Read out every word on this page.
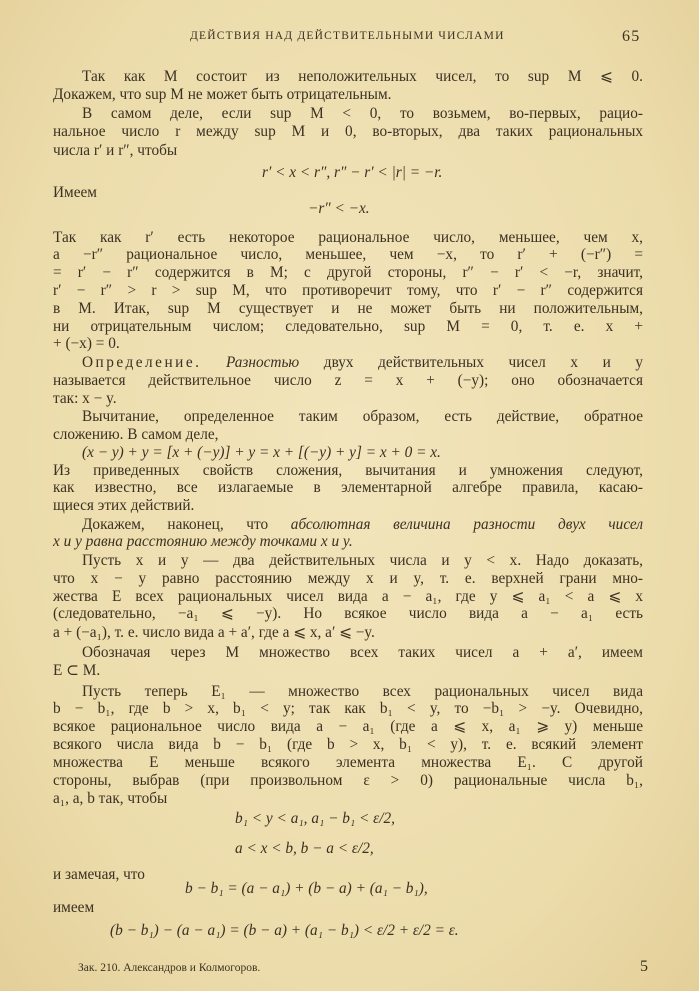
ДЕЙСТВИЯ НАД ДЕЙСТВИТЕЛЬНЫМИ ЧИСЛАМИ	65
Так как M состоит из неположительных чисел, то sup M ⩽ 0.
Докажем, что sup M не может быть отрицательным.
В самом деле, если sup M < 0, то возьмем, во-первых, рацио-
нальное число r между sup M и 0, во-вторых, два таких рациональных
числа r′ и r″, чтобы
r′ < x < r″, r″ − r′ < |r| = −r.
Имеем
−r″ < −x.
Так как r′ есть некоторое рациональное число, меньшее, чем x,
а −r″ рациональное число, меньшее, чем −x, то r′ + (−r″) =
= r′ − r″ содержится в M; с другой стороны, r″ − r′ < −r, значит,
r′ − r″ > r > sup M, что противоречит тому, что r′ − r″ содержится
в M. Итак, sup M существует и не может быть ни положительным,
ни отрицательным числом; следовательно, sup M = 0, т. е. x +
+ (−x) = 0.
Определение. Разностью двух действительных чисел x и y
называется действительное число z = x + (−y); оно обозначается
так: x − y.
Вычитание, определенное таким образом, есть действие, обратное
сложению. В самом деле,
(x − y) + y = [x + (−y)] + y = x + [(−y) + y] = x + 0 = x.
Из приведенных свойств сложения, вычитания и умножения следуют,
как известно, все излагаемые в элементарной алгебре правила, касаю-
щиеся этих действий.
Докажем, наконец, что абсолютная величина разности двух чисел
x и y равна расстоянию между точками x и y.
Пусть x и y — два действительных числа и y < x. Надо доказать,
что x − y равно расстоянию между x и y, т. е. верхней грани мно-
жества E всех рациональных чисел вида a − a₁, где y ⩽ a₁ < a ⩽ x
(следовательно, −a₁ ⩽ −y). Но всякое число вида a − a₁ есть
a + (−a₁), т. е. число вида a + a′, где a ⩽ x, a′ ⩽ −y.
Обозначая через M множество всех таких чисел a + a′, имеем
E ⊂ M.
Пусть теперь E₁ — множество всех рациональных чисел вида
b − b₁, где b > x, b₁ < y; так как b₁ < y, то −b₁ > −y. Очевидно,
всякое рациональное число вида a − a₁ (где a ⩽ x, a₁ ⩾ y) меньше
всякого числа вида b − b₁ (где b > x, b₁ < y), т. е. всякий элемент
множества E меньше всякого элемента множества E₁. С другой
стороны, выбрав (при произвольном ε > 0) рациональные числа b₁,
a₁, a, b так, чтобы
b₁ < y < a₁, a₁ − b₁ < ε/2,
a < x < b, b − a < ε/2,
и замечая, что
b − b₁ = (a − a₁) + (b − a) + (a₁ − b₁),
имеем
(b − b₁) − (a − a₁) = (b − a) + (a₁ − b₁) < ε/2 + ε/2 = ε.
Зак. 210. Александров и Колмогоров.	5
